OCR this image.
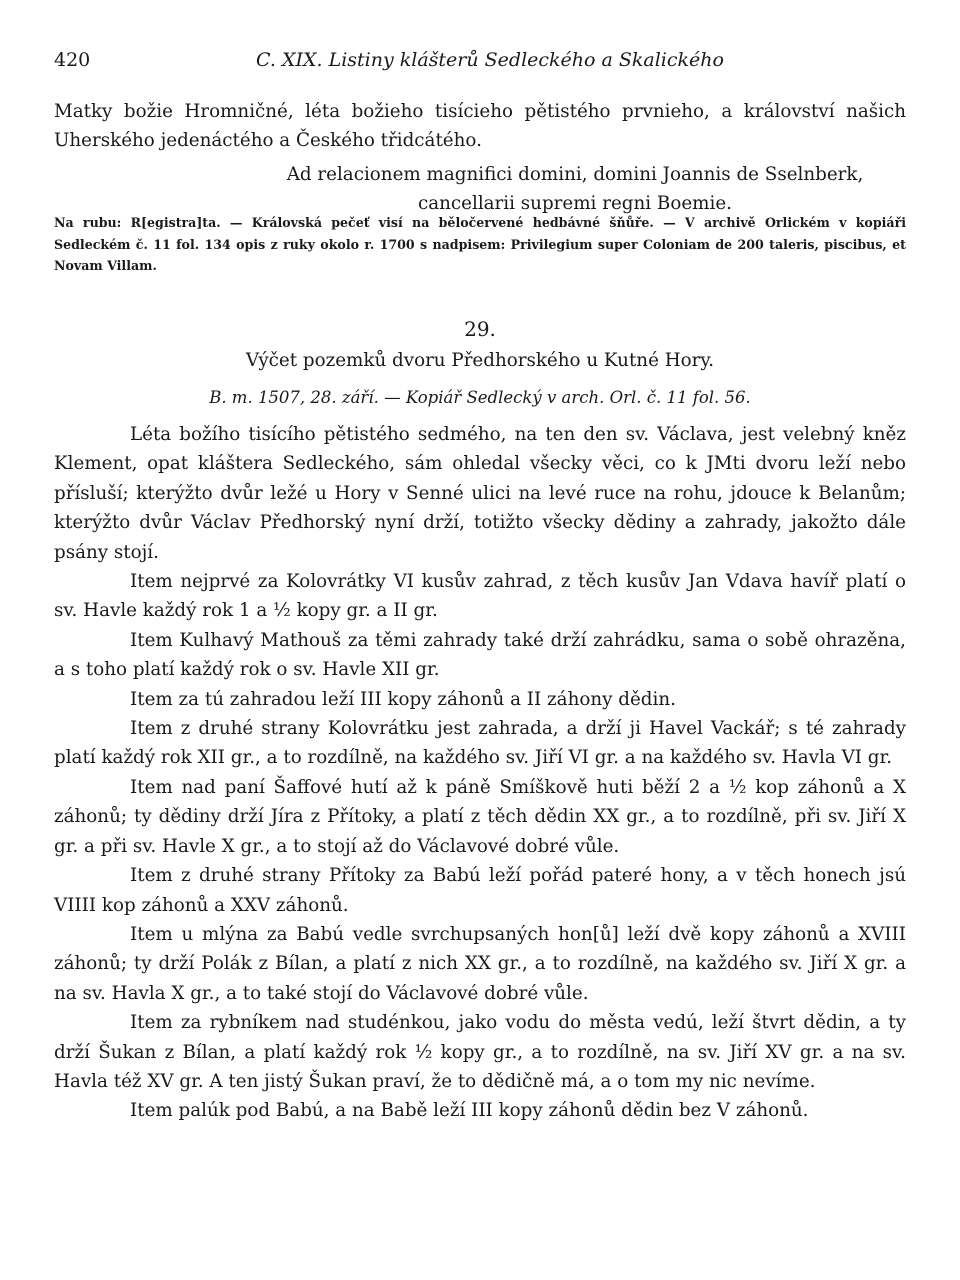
420	C. XIX. Listiny klášterů Sedleckého a Skalického

Matky božie Hromničné, léta božieho tisícieho pětistého prvnieho, a království našich Uherského jedenáctého a Českého třidcátého.

Ad relacionem magnifici domini, domini Joannis de Sselnberk,
cancellarii supremi regni Boemie.

Na rubu: R[egistra]ta. — Královská pečeť visí na běločervené hedbávné šňůře. — V archivě Orlickém v kopiáři Sedleckém č. 11 fol. 134 opis z ruky okolo r. 1700 s nadpisem: Privilegium super Coloniam de 200 taleris, piscibus, et Novam Villam.

29.
Výčet pozemků dvoru Předhorského u Kutné Hory.
B. m. 1507, 28. září. — Kopiář Sedlecký v arch. Orl. č. 11 fol. 56.

Léta božího tisícího pětistého sedmého, na ten den sv. Václava, jest velebný kněz Klement, opat kláštera Sedleckého, sám ohledal všecky věci, co k JMti dvoru leží nebo přísluší; kterýžto dvůr ležé u Hory v Senné ulici na levé ruce na rohu, jdouce k Belanům; kterýžto dvůr Václav Předhorský nyní drží, totižto všecky dědiny a zahrady, jakožto dále psány stojí.

Item nejprvé za Kolovrátky VI kusův zahrad, z těch kusův Jan Vdava havíř platí o sv. Havle každý rok 1 a ½ kopy gr. a II gr.

Item Kulhavý Mathouš za těmi zahrady také drží zahrádku, sama o sobě ohrazěna, a s toho platí každý rok o sv. Havle XII gr.

Item za tú zahradou leží III kopy záhonů a II záhony dědin.

Item z druhé strany Kolovrátku jest zahrada, a drží ji Havel Vackář; s té zahrady platí každý rok XII gr., a to rozdílně, na každého sv. Jiří VI gr. a na každého sv. Havla VI gr.

Item nad paní Šaffové hutí až k páně Smíškově huti běží 2 a ½ kop záhonů a X záhonů; ty dědiny drží Jíra z Přítoky, a platí z těch dědin XX gr., a to rozdílně, při sv. Jiří X gr. a při sv. Havle X gr., a to stojí až do Václavové dobré vůle.

Item z druhé strany Přítoky za Babú leží pořád pateré hony, a v těch honech jsú VIIII kop záhonů a XXV záhonů.

Item u mlýna za Babú vedle svrchupsaných hon[ů] leží dvě kopy záhonů a XVIII záhonů; ty drží Polák z Bílan, a platí z nich XX gr., a to rozdílně, na každého sv. Jiří X gr. a na sv. Havla X gr., a to také stojí do Václavové dobré vůle.

Item za rybníkem nad studénkou, jako vodu do města vedú, leží štvrt dědin, a ty drží Šukan z Bílan, a platí každý rok ½ kopy gr., a to rozdílně, na sv. Jiří XV gr. a na sv. Havla též XV gr. A ten jistý Šukan praví, že to dědičně má, a o tom my nic nevíme.

Item palúk pod Babú, a na Babě leží III kopy záhonů dědin bez V záhonů.
